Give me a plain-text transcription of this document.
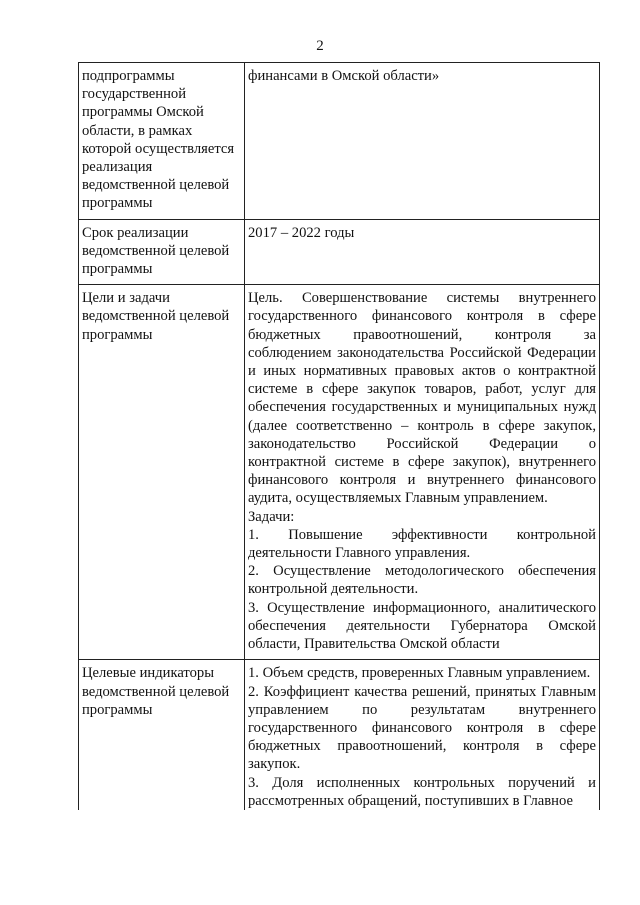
2
подпрограммы государственной программы Омской области, в рамках которой осуществляется реализация ведомственной целевой программы	финансами в Омской области»

Срок реализации ведомственной целевой программы	2017 – 2022 годы

Цели и задачи ведомственной целевой программы	Цель. Совершенствование системы внутреннего государственного финансового контроля в сфере бюджетных правоотношений, контроля за соблюдением законодательства Российской Федерации и иных нормативных правовых актов о контрактной системе в сфере закупок товаров, работ, услуг для обеспечения государственных и муниципальных нужд (далее соответственно – контроль в сфере закупок, законодательство Российской Федерации о контрактной системе в сфере закупок), внутреннего финансового контроля и внутреннего финансового аудита, осуществляемых Главным управлением.
Задачи:
1. Повышение эффективности контрольной деятельности Главного управления.
2. Осуществление методологического обеспечения контрольной деятельности.
3. Осуществление информационного, аналитического обеспечения деятельности Губернатора Омской области, Правительства Омской области

Целевые индикаторы ведомственной целевой программы	1. Объем средств, проверенных Главным управлением.
2. Коэффициент качества решений, принятых Главным управлением по результатам внутреннего государственного финансового контроля в сфере бюджетных правоотношений, контроля в сфере закупок.
3. Доля исполненных контрольных поручений и рассмотренных обращений, поступивших в Главное
